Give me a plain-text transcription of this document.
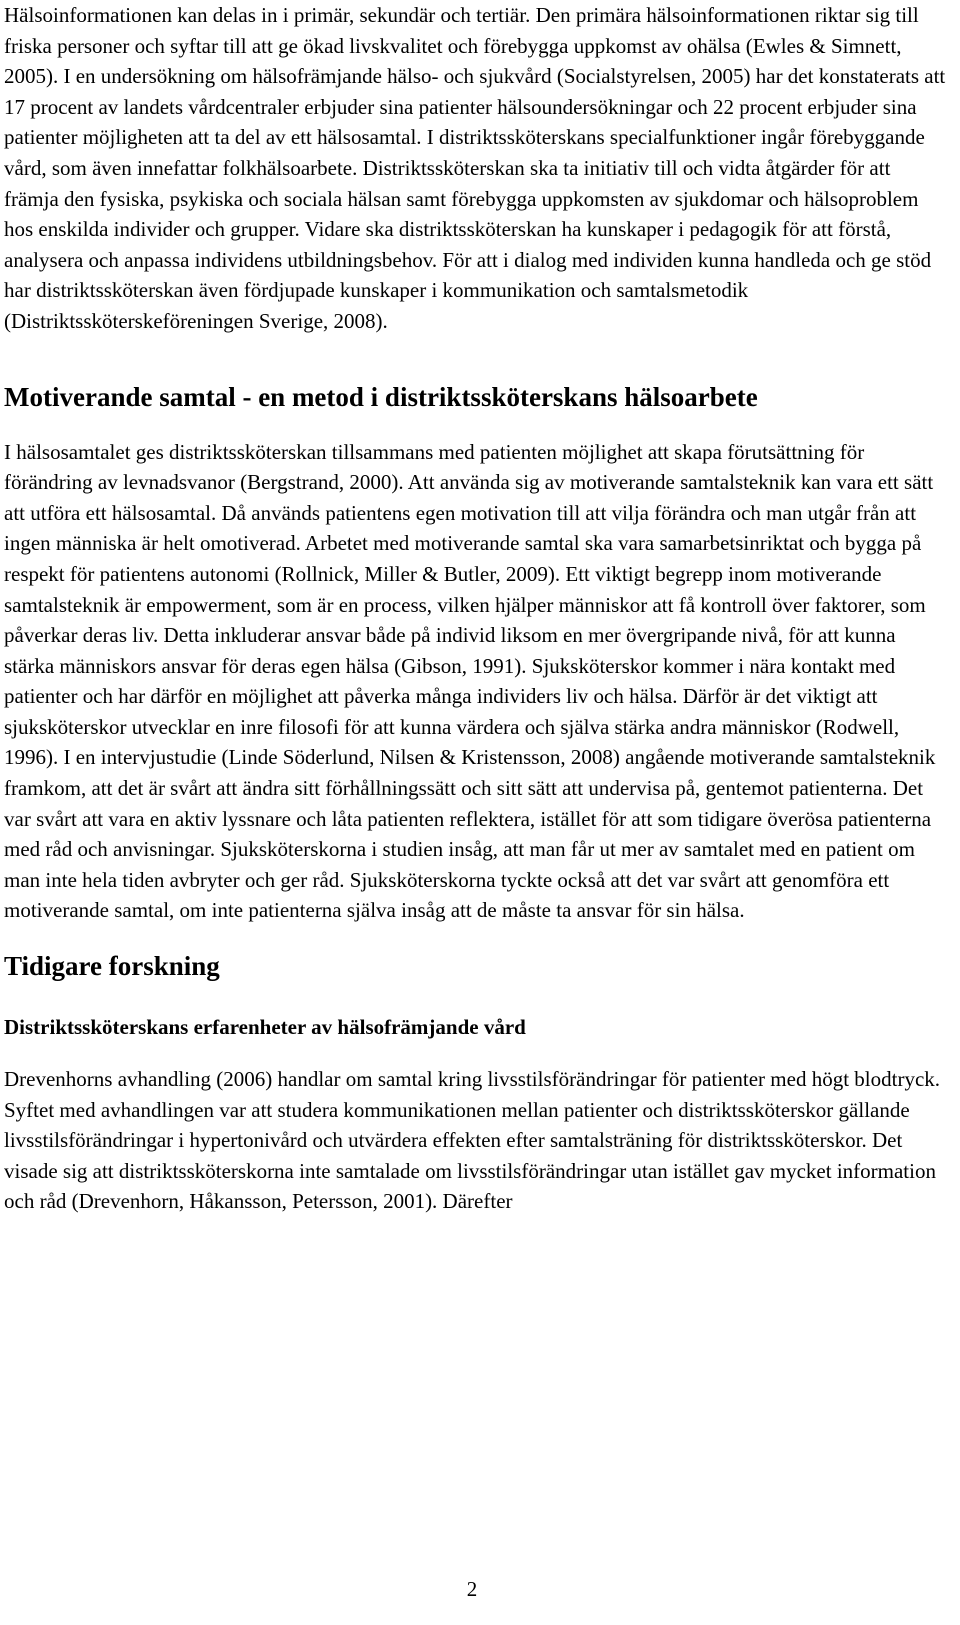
Hälsoinformationen kan delas in i primär, sekundär och tertiär. Den primära hälsoinformationen riktar sig till friska personer och syftar till att ge ökad livskvalitet och förebygga uppkomst av ohälsa (Ewles & Simnett, 2005). I en undersökning om hälsofrämjande hälso- och sjukvård (Socialstyrelsen, 2005) har det konstaterats att 17 procent av landets vårdcentraler erbjuder sina patienter hälsoundersökningar och 22 procent erbjuder sina patienter möjligheten att ta del av ett hälsosamtal. I distriktssköterskans specialfunktioner ingår förebyggande vård, som även innefattar folkhälsoarbete. Distriktssköterskan ska ta initiativ till och vidta åtgärder för att främja den fysiska, psykiska och sociala hälsan samt förebygga uppkomsten av sjukdomar och hälsoproblem hos enskilda individer och grupper. Vidare ska distriktssköterskan ha kunskaper i pedagogik för att förstå, analysera och anpassa individens utbildningsbehov. För att i dialog med individen kunna handleda och ge stöd har distriktssköterskan även fördjupade kunskaper i kommunikation och samtalsmetodik (Distriktssköterskeföreningen Sverige, 2008).

Motiverande samtal - en metod i distriktssköterskans hälsoarbete

I hälsosamtalet ges distriktssköterskan tillsammans med patienten möjlighet att skapa förutsättning för förändring av levnadsvanor (Bergstrand, 2000). Att använda sig av motiverande samtalsteknik kan vara ett sätt att utföra ett hälsosamtal. Då används patientens egen motivation till att vilja förändra och man utgår från att ingen människa är helt omotiverad. Arbetet med motiverande samtal ska vara samarbetsinriktat och bygga på respekt för patientens autonomi (Rollnick, Miller & Butler, 2009). Ett viktigt begrepp inom motiverande samtalsteknik är empowerment, som är en process, vilken hjälper människor att få kontroll över faktorer, som påverkar deras liv. Detta inkluderar ansvar både på individ liksom en mer övergripande nivå, för att kunna stärka människors ansvar för deras egen hälsa (Gibson, 1991). Sjuksköterskor kommer i nära kontakt med patienter och har därför en möjlighet att påverka många individers liv och hälsa. Därför är det viktigt att sjuksköterskor utvecklar en inre filosofi för att kunna värdera och själva stärka andra människor (Rodwell, 1996). I en intervjustudie (Linde Söderlund, Nilsen & Kristensson, 2008) angående motiverande samtalsteknik framkom, att det är svårt att ändra sitt förhållningssätt och sitt sätt att undervisa på, gentemot patienterna. Det var svårt att vara en aktiv lyssnare och låta patienten reflektera, istället för att som tidigare överösa patienterna med råd och anvisningar. Sjuksköterskorna i studien insåg, att man får ut mer av samtalet med en patient om man inte hela tiden avbryter och ger råd. Sjuksköterskorna tyckte också att det var svårt att genomföra ett motiverande samtal, om inte patienterna själva insåg att de måste ta ansvar för sin hälsa.

Tidigare forskning
Distriktssköterskans erfarenheter av hälsofrämjande vård

Drevenhorns avhandling (2006) handlar om samtal kring livsstilsförändringar för patienter med högt blodtryck. Syftet med avhandlingen var att studera kommunikationen mellan patienter och distriktssköterskor gällande livsstilsförändringar i hypertonivård och utvärdera effekten efter samtalsträning för distriktssköterskor. Det visade sig att distriktssköterskorna inte samtalade om livsstilsförändringar utan istället gav mycket information och råd (Drevenhorn, Håkansson, Petersson, 2001). Därefter

2
